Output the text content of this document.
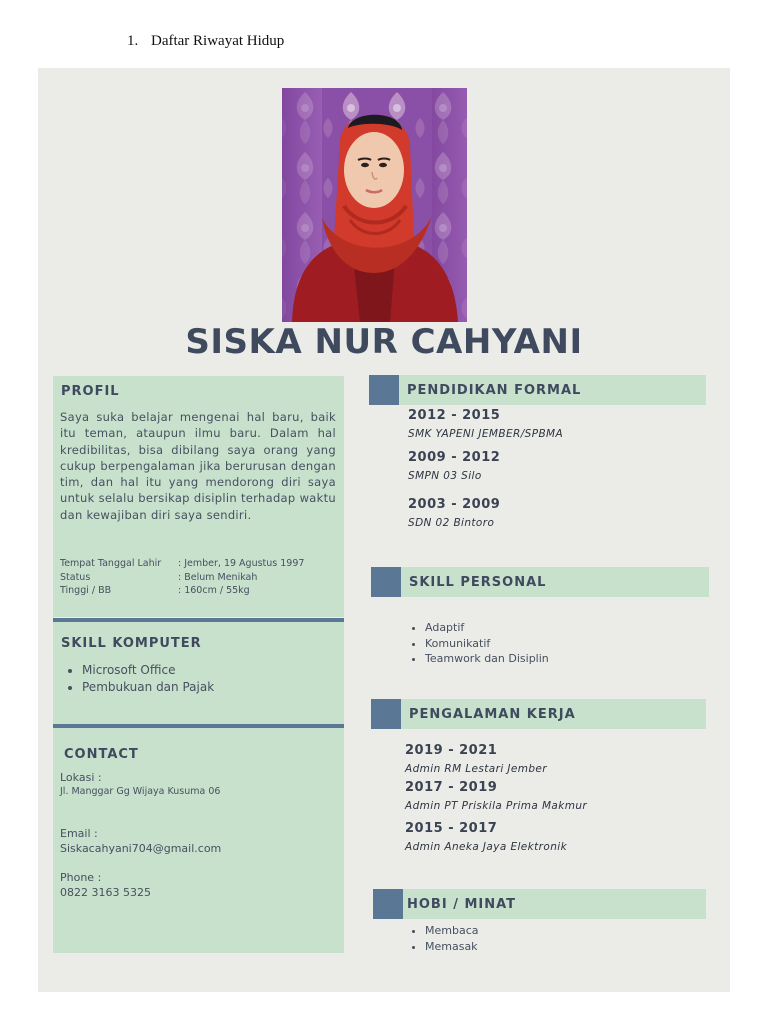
1. Daftar Riwayat Hidup
SISKA NUR CAHYANI
PROFIL
Saya suka belajar mengenai hal baru, baik itu teman, ataupun ilmu baru. Dalam hal kredibilitas, bisa dibilang saya orang yang cukup berpengalaman jika berurusan dengan tim, dan hal itu yang mendorong diri saya untuk selalu bersikap disiplin terhadap waktu dan kewajiban diri saya sendiri.
Tempat Tanggal Lahir : Jember, 19 Agustus 1997
Status	: Belum Menikah
Tinggi / BB	: 160cm / 55kg
SKILL KOMPUTER
• Microsoft Office
• Pembukuan dan Pajak
CONTACT
Lokasi :
Jl. Manggar Gg Wijaya Kusuma 06
Email :
Siskacahyani704@gmail.com
Phone :
0822 3163 5325
PENDIDIKAN FORMAL
2012 - 2015
SMK YAPENI JEMBER/SPBMA
2009 - 2012
SMPN 03 Silo
2003 - 2009
SDN 02 Bintoro
SKILL PERSONAL
• Adaptif
• Komunikatif
• Teamwork dan Disiplin
PENGALAMAN KERJA
2019 - 2021
Admin RM Lestari Jember
2017 - 2019
Admin PT Priskila Prima Makmur
2015 - 2017
Admin Aneka Jaya Elektronik
HOBI / MINAT
• Membaca
• Memasak
